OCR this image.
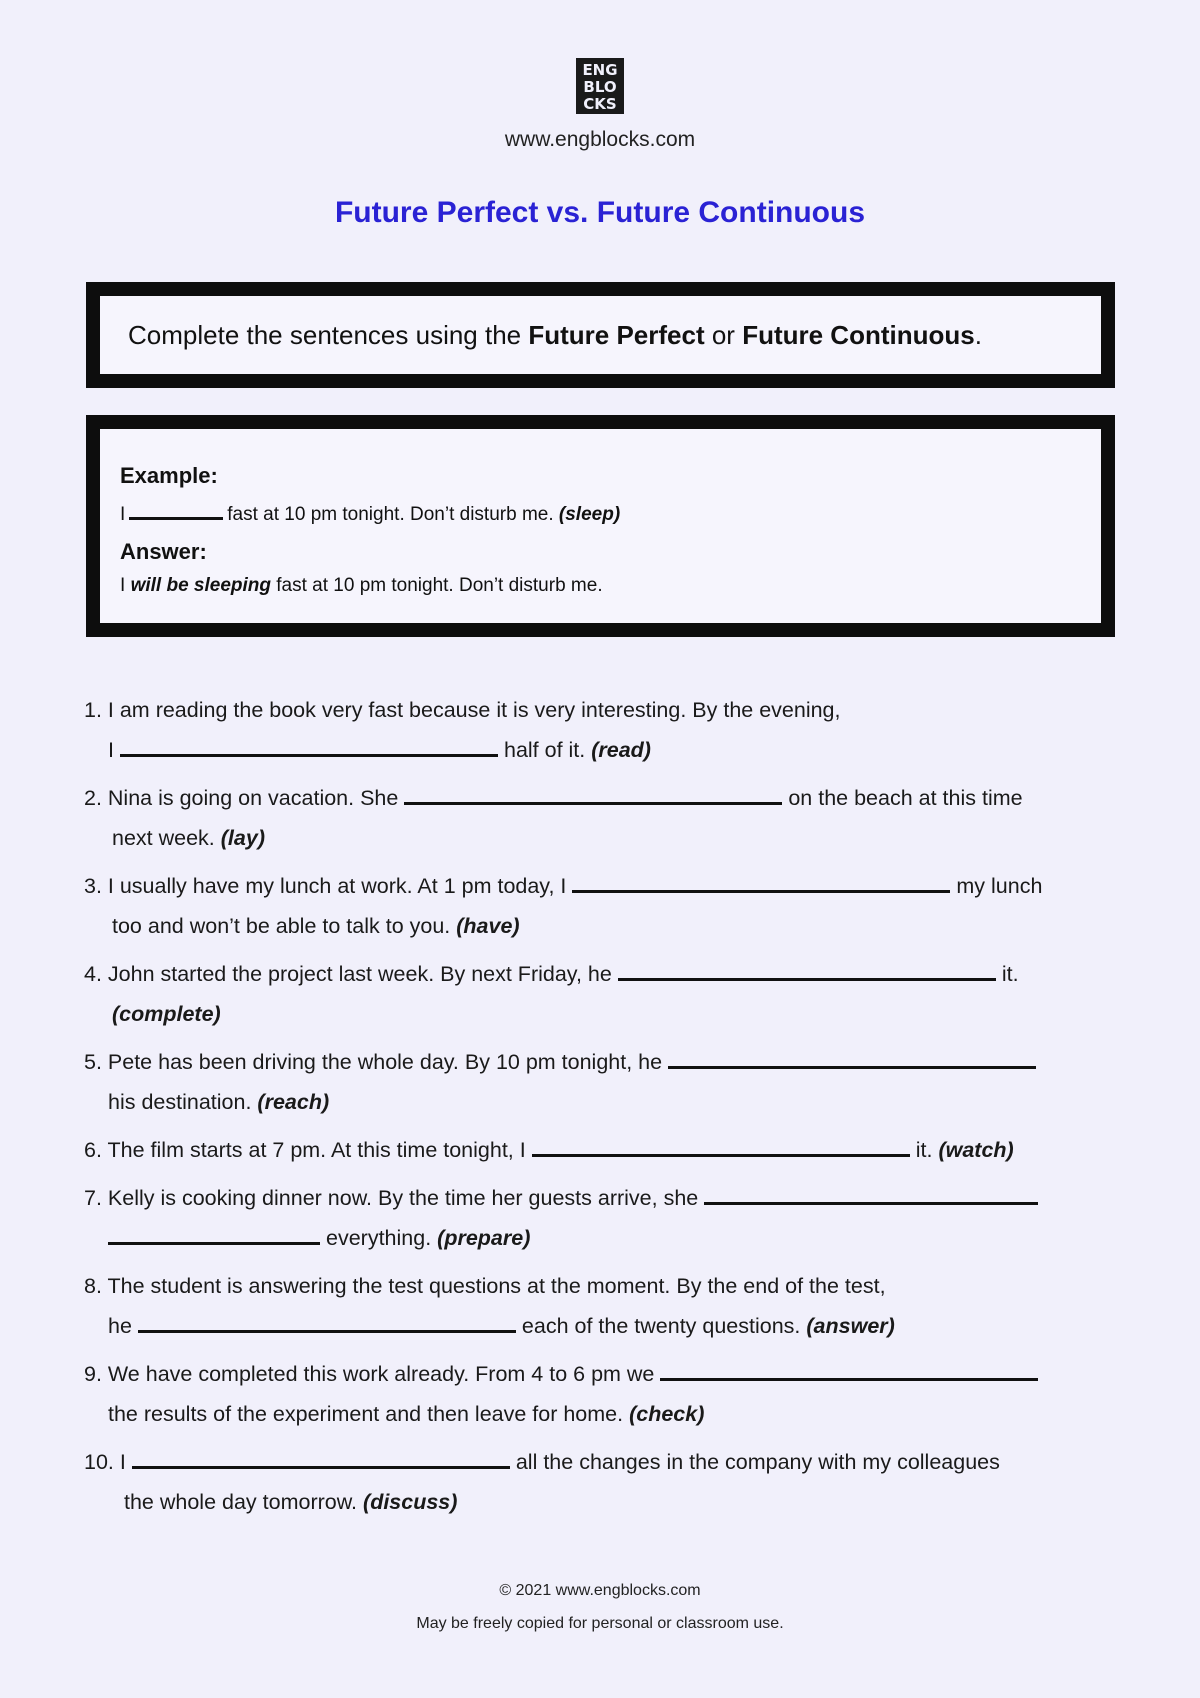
ENG
BLO
CKS
www.engblocks.com
Future Perfect vs. Future Continuous
Complete the sentences using the Future Perfect or Future Continuous.

Example:

I	fast at 10 pm tonight. Don’t disturb me. (sleep)

Answer:

I will be sleeping fast at 10 pm tonight. Don’t disturb me.

1. I am reading the book very fast because it is very interesting. By the evening,
I	half of it. (read)
2. Nina is going on vacation. She	on the beach at this time
next week. (lay)
3. I usually have my lunch at work. At 1 pm today, I	my lunch
too and won’t be able to talk to you. (have)
4. John started the project last week. By next Friday, he	it.
(complete)
5. Pete has been driving the whole day. By 10 pm tonight, he
his destination. (reach)
6. The film starts at 7 pm. At this time tonight, I	it. (watch)
7. Kelly is cooking dinner now. By the time her guests arrive, she
everything. (prepare)
8. The student is answering the test questions at the moment. By the end of the test,
he	each of the twenty questions. (answer)
9. We have completed this work already. From 4 to 6 pm we
the results of the experiment and then leave for home. (check)
10. I	all the changes in the company with my colleagues
the whole day tomorrow. (discuss)
© 2021 www.engblocks.com
May be freely copied for personal or classroom use.
